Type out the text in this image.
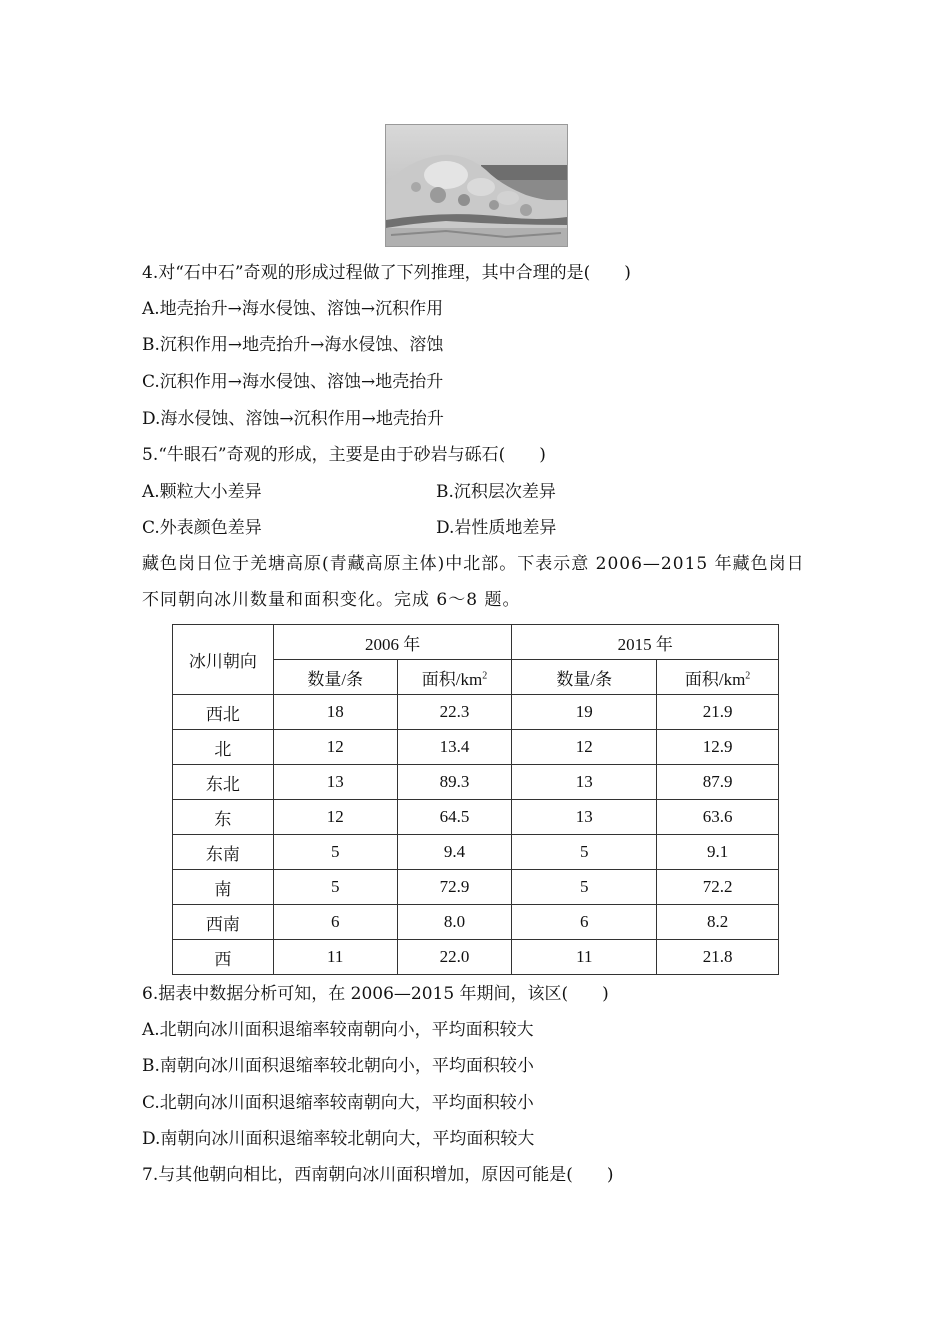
4.对“石中石”奇观的形成过程做了下列推理，其中合理的是(　　)
A.地壳抬升→海水侵蚀、溶蚀→沉积作用
B.沉积作用→地壳抬升→海水侵蚀、溶蚀
C.沉积作用→海水侵蚀、溶蚀→地壳抬升
D.海水侵蚀、溶蚀→沉积作用→地壳抬升
5.“牛眼石”奇观的形成，主要是由于砂岩与砾石(　　)
A.颗粒大小差异	B.沉积层次差异
C.外表颜色差异	D.岩性质地差异
藏色岗日位于羌塘高原(青藏高原主体)中北部。下表示意 2006—2015 年藏色岗日不同朝向冰川数量和面积变化。完成 6～8 题。
冰川朝向	2006 年		2015 年	
	数量/条	面积$/km^2$	数量/条	面积$/km^2$
西北	18	22.3	19	21.9
北	12	13.4	12	12.9
东北	13	89.3	13	87.9
东	12	64.5	13	63.6
东南	5	9.4	5	9.1
南	5	72.9	5	72.2
西南	6	8.0	6	8.2
西	11	22.0	11	21.8
6.据表中数据分析可知，在 2006—2015 年期间，该区(　　)
A.北朝向冰川面积退缩率较南朝向小，平均面积较大
B.南朝向冰川面积退缩率较北朝向小，平均面积较小
C.北朝向冰川面积退缩率较南朝向大，平均面积较小
D.南朝向冰川面积退缩率较北朝向大，平均面积较大
7.与其他朝向相比，西南朝向冰川面积增加，原因可能是(　　)
